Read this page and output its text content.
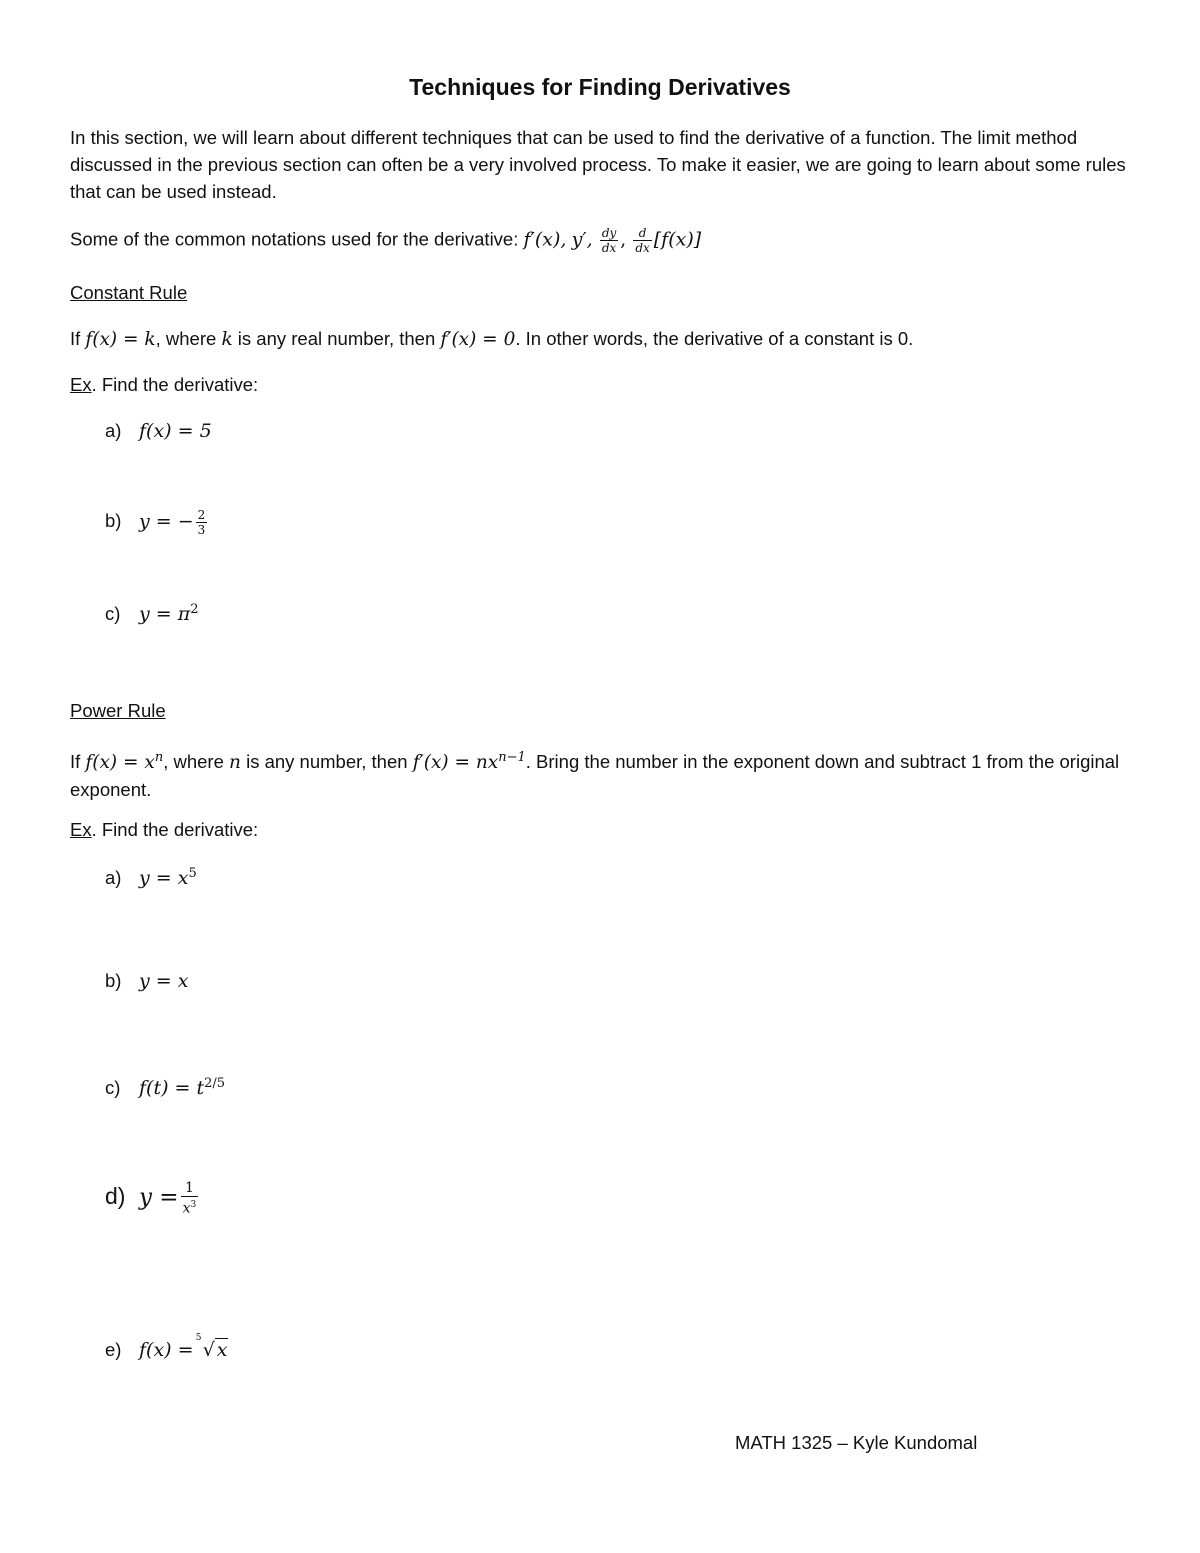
Techniques for Finding Derivatives
In this section, we will learn about different techniques that can be used to find the derivative of a function. The limit method discussed in the previous section can often be a very involved process. To make it easier, we are going to learn about some rules that can be used instead.
Some of the common notations used for the derivative: f′(x), y′, $\frac{dy}{dx}$ , $\frac{d}{dx} [f(x)]$
Constant Rule
If f(x) = k, where k is any real number, then f′(x) = 0. In other words, the derivative of a constant is 0.
Ex. Find the derivative:
a) f(x) = 5
b) y = − $\frac{2}{3}$
c) $y = \pi^2$
Power Rule
If $f(x) = x^n$, where n is any number, then $f'(x) = nx^{n-1}$. Bring the number in the exponent down and subtract 1 from the original exponent.
Ex. Find the derivative:
a) $y = x^5$
b) y = x
c) $f(t) = t^{2/5}$
d) $y = \frac{1}{x^3}$
e) f(x) =
5
√ x
MATH 1325 – Kyle Kundomal
